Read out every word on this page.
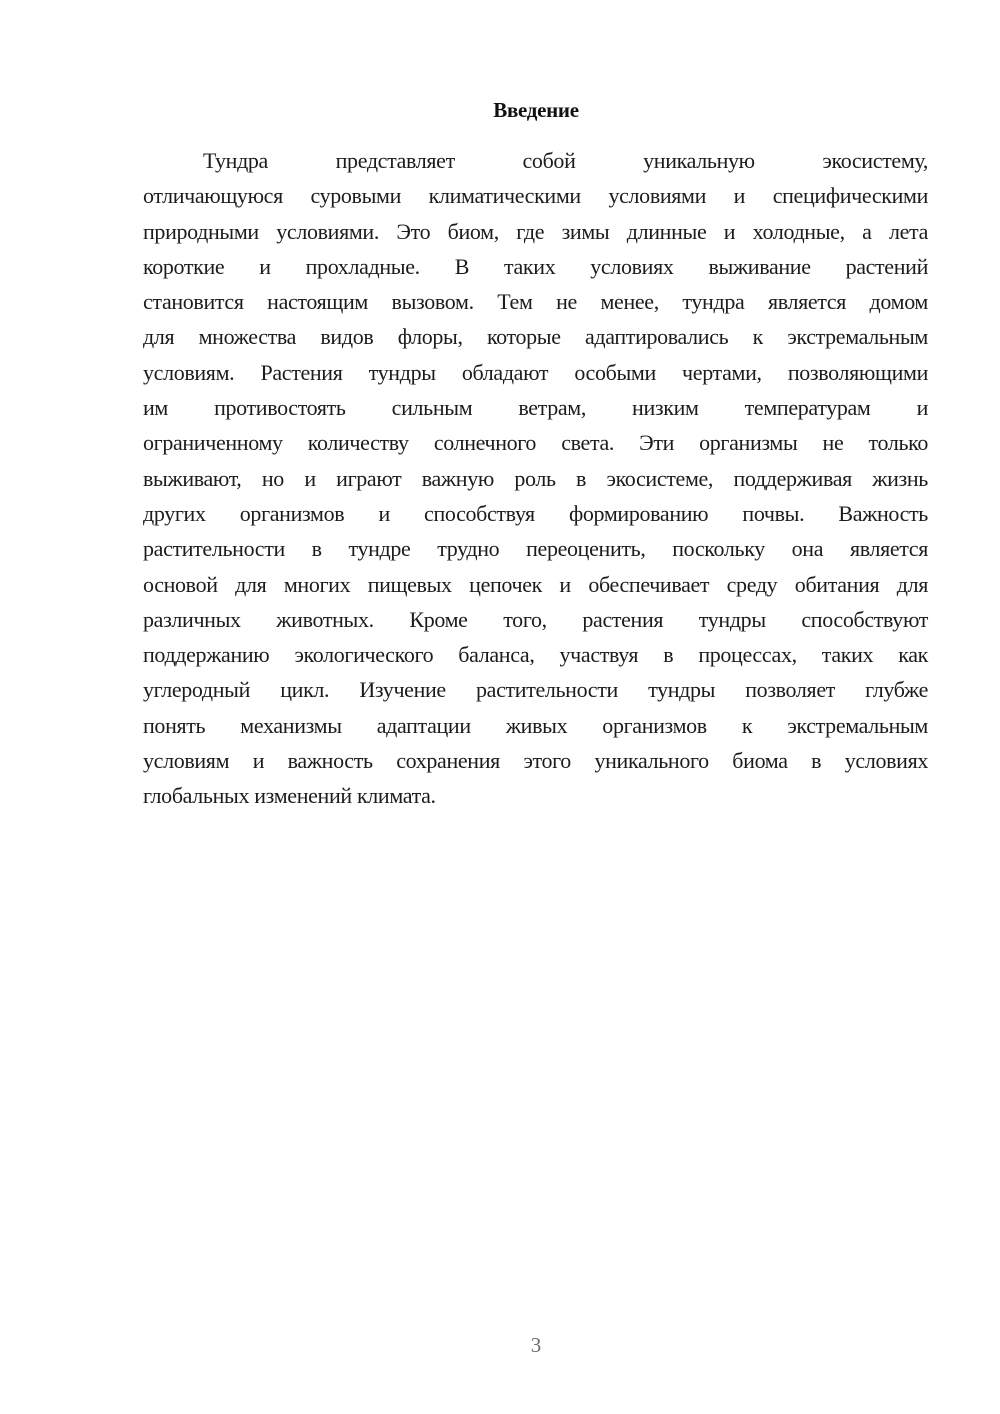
Введение
Тундра представляет собой уникальную экосистему,
отличающуюся суровыми климатическими условиями и специфическими
природными условиями. Это биом, где зимы длинные и холодные, а лета
короткие и прохладные. В таких условиях выживание растений
становится настоящим вызовом. Тем не менее, тундра является домом
для множества видов флоры, которые адаптировались к экстремальным
условиям. Растения тундры обладают особыми чертами, позволяющими
им противостоять сильным ветрам, низким температурам и
ограниченному количеству солнечного света. Эти организмы не только
выживают, но и играют важную роль в экосистеме, поддерживая жизнь
других организмов и способствуя формированию почвы. Важность
растительности в тундре трудно переоценить, поскольку она является
основой для многих пищевых цепочек и обеспечивает среду обитания для
различных животных. Кроме того, растения тундры способствуют
поддержанию экологического баланса, участвуя в процессах, таких как
углеродный цикл. Изучение растительности тундры позволяет глубже
понять механизмы адаптации живых организмов к экстремальным
условиям и важность сохранения этого уникального биома в условиях
глобальных изменений климата.
3
